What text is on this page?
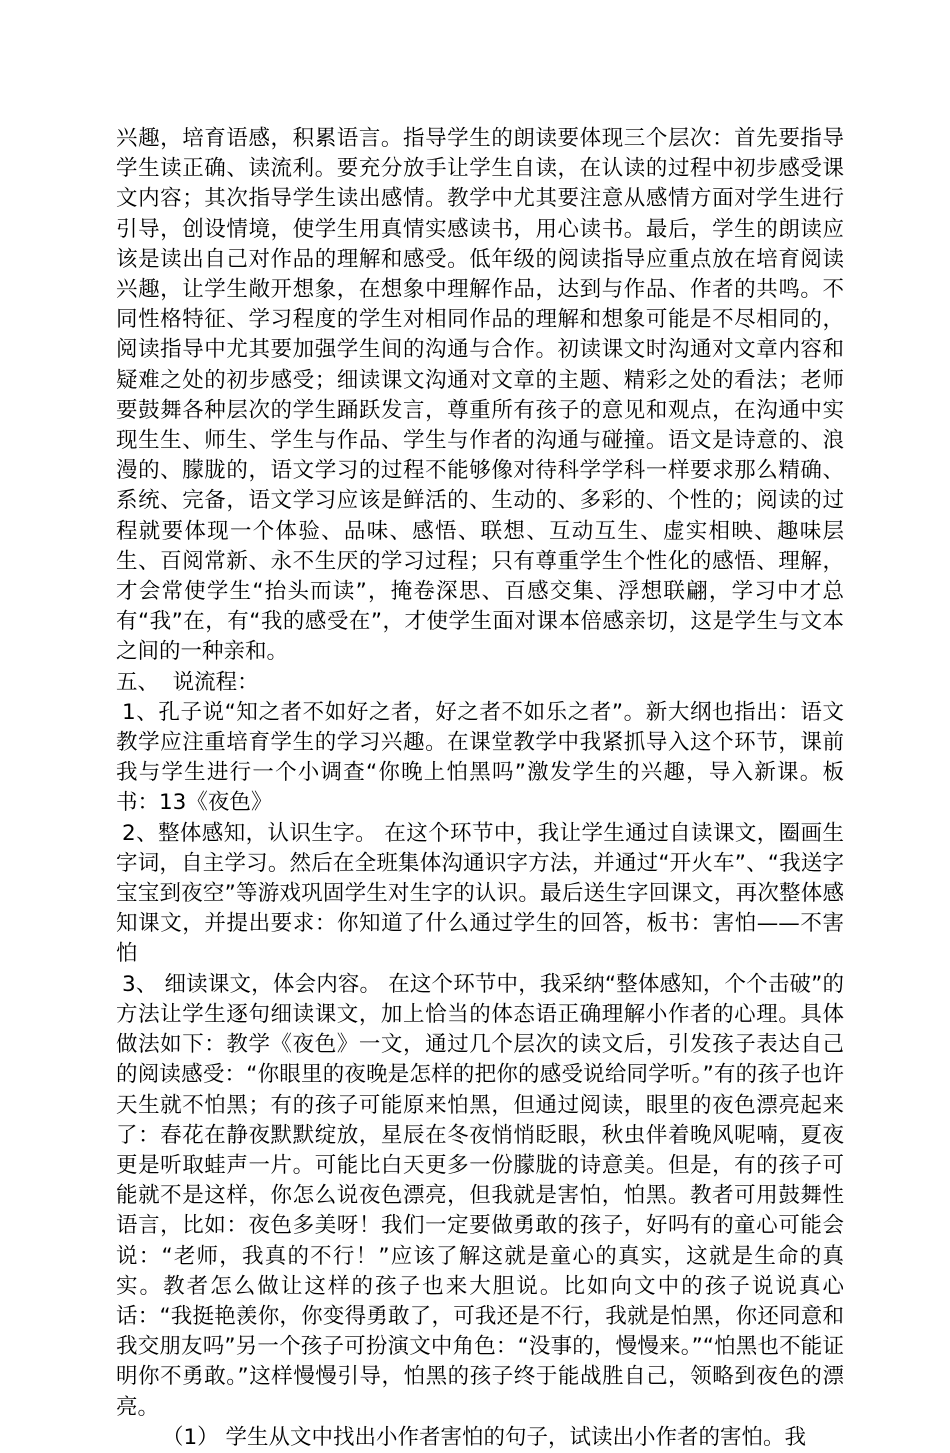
兴趣，培育语感，积累语言。指导学生的朗读要体现三个层次：首先要指导学生读正确、读流利。要充分放手让学生自读，在认读的过程中初步感受课文内容；其次指导学生读出感情。教学中尤其要注意从感情方面对学生进行引导，创设情境，使学生用真情实感读书，用心读书。最后，学生的朗读应该是读出自己对作品的理解和感受。低年级的阅读指导应重点放在培育阅读兴趣，让学生敞开想象，在想象中理解作品，达到与作品、作者的共鸣。不同性格特征、学习程度的学生对相同作品的理解和想象可能是不尽相同的，阅读指导中尤其要加强学生间的沟通与合作。初读课文时沟通对文章内容和疑难之处的初步感受；细读课文沟通对文章的主题、精彩之处的看法；老师要鼓舞各种层次的学生踊跃发言，尊重所有孩子的意见和观点，在沟通中实现生生、师生、学生与作品、学生与作者的沟通与碰撞。语文是诗意的、浪漫的、朦胧的，语文学习的过程不能够像对待科学学科一样要求那么精确、系统、完备，语文学习应该是鲜活的、生动的、多彩的、个性的；阅读的过程就要体现一个体验、品味、感悟、联想、互动互生、虚实相映、趣味层生、百阅常新、永不生厌的学习过程；只有尊重学生个性化的感悟、理解，才会常使学生“抬头而读”，掩卷深思、百感交集、浮想联翩，学习中才总有“我”在，有“我的感受在”，才使学生面对课本倍感亲切，这是学生与文本之间的一种亲和。

五、  说流程：

1、孔子说“知之者不如好之者，好之者不如乐之者”。新大纲也指出：语文教学应注重培育学生的学习兴趣。在课堂教学中我紧抓导入这个环节，课前我与学生进行一个小调查“你晚上怕黑吗”激发学生的兴趣，导入新课。板书：13《夜色》

2、整体感知，认识生字。 在这个环节中，我让学生通过自读课文，圈画生字词，自主学习。然后在全班集体沟通识字方法，并通过“开火车”、“我送字宝宝到夜空”等游戏巩固学生对生字的认识。最后送生字回课文，再次整体感知课文，并提出要求：你知道了什么通过学生的回答，板书：害怕——不害怕

3、 细读课文，体会内容。 在这个环节中，我采纳“整体感知，个个击破”的方法让学生逐句细读课文，加上恰当的体态语正确理解小作者的心理。具体做法如下：教学《夜色》一文，通过几个层次的读文后，引发孩子表达自己的阅读感受：“你眼里的夜晚是怎样的把你的感受说给同学听。”有的孩子也许天生就不怕黑；有的孩子可能原来怕黑，但通过阅读，眼里的夜色漂亮起来了：春花在静夜默默绽放，星辰在冬夜悄悄眨眼，秋虫伴着晚风呢喃，夏夜更是听取蛙声一片。可能比白天更多一份朦胧的诗意美。但是，有的孩子可能就不是这样，你怎么说夜色漂亮，但我就是害怕，怕黑。教者可用鼓舞性语言，比如：夜色多美呀！我们一定要做勇敢的孩子，好吗有的童心可能会说：“老师，我真的不行！”应该了解这就是童心的真实，这就是生命的真实。教者怎么做让这样的孩子也来大胆说。比如向文中的孩子说说真心话：“我挺艳羡你，你变得勇敢了，可我还是不行，我就是怕黑，你还同意和我交朋友吗”另一个孩子可扮演文中角色：“没事的，慢慢来。”“怕黑也不能证明你不勇敢。”这样慢慢引导，怕黑的孩子终于能战胜自己，领略到夜色的漂亮。

（1） 学生从文中找出小作者害怕的句子，试读出小作者的害怕。我
